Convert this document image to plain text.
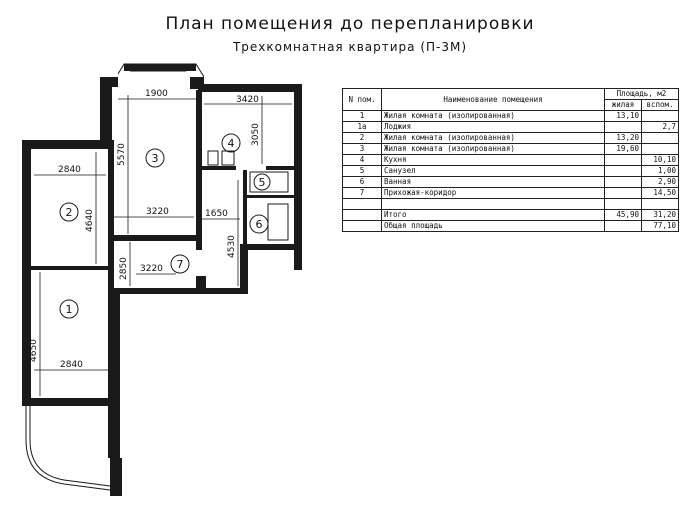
План помещения до перепланировки
Трехкомнатная квартира (П-3М)
1900
3420
5570
3050
2840
4640	3220	1650
4530
2850 3220
4650
2840
1
2
3
4
5
6
7
N пом.	Наименование помещения	Площадь, м2	
		жилая	вспом.
1	Жилая комната (изолированная)	13,10	
1а	Лоджия		2,7
2	Жилая комната (изолированная)	13,20	
3	Жилая комната (изолированная)	19,60	
4	Кухня		10,10
5	Санузел		1,00
6	Ванная		2,90
7	Прихожая-коридор		14,50

	Итого	45,90	31,20
	Общая площадь		77,10
